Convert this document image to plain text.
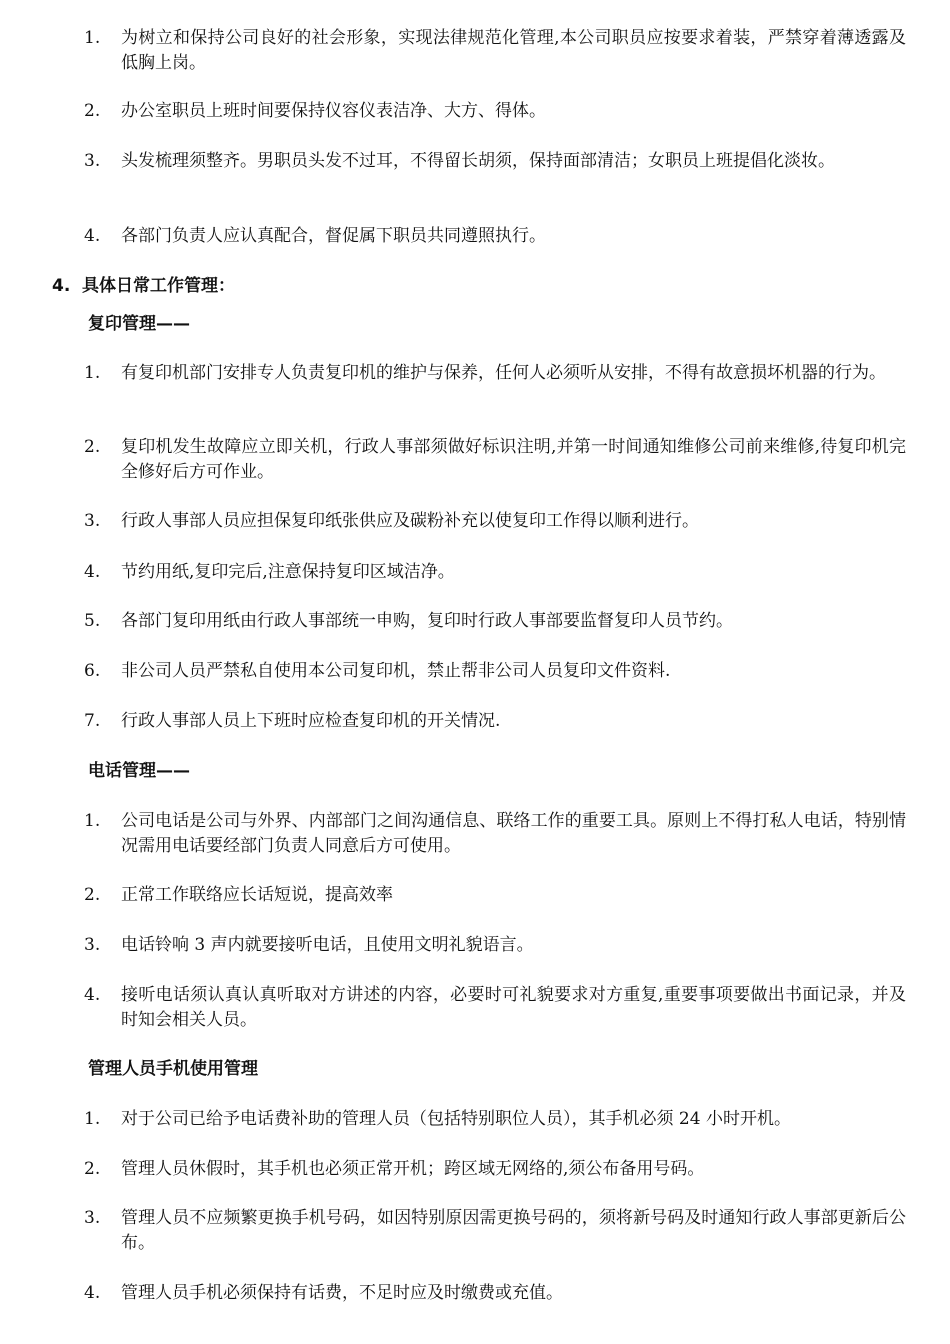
1.	为树立和保持公司良好的社会形象，实现法律规范化管理,本公司职员应按要求着装，严禁穿着薄透露及低胸上岗。
2.	办公室职员上班时间要保持仪容仪表洁净、大方、得体。
3.	头发梳理须整齐。男职员头发不过耳，不得留长胡须，保持面部清洁；女职员上班提倡化淡妆。
4.	各部门负责人应认真配合，督促属下职员共同遵照执行。
4. 具体日常工作管理：
复印管理——
1.	有复印机部门安排专人负责复印机的维护与保养，任何人必须听从安排，不得有故意损坏机器的行为。
2.	复印机发生故障应立即关机，行政人事部须做好标识注明,并第一时间通知维修公司前来维修,待复印机完全修好后方可作业。
3.	行政人事部人员应担保复印纸张供应及碳粉补充以使复印工作得以顺利进行。
4.	节约用纸,复印完后,注意保持复印区域洁净。
5.	各部门复印用纸由行政人事部统一申购，复印时行政人事部要监督复印人员节约。
6.	非公司人员严禁私自使用本公司复印机，禁止帮非公司人员复印文件资料.
7.	行政人事部人员上下班时应检查复印机的开关情况.
电话管理——
1.	公司电话是公司与外界、内部部门之间沟通信息、联络工作的重要工具。原则上不得打私人电话，特别情况需用电话要经部门负责人同意后方可使用。
2.	正常工作联络应长话短说，提高效率
3.	电话铃响 3 声内就要接听电话，且使用文明礼貌语言。
4.	接听电话须认真认真听取对方讲述的内容，必要时可礼貌要求对方重复,重要事项要做出书面记录，并及时知会相关人员。
管理人员手机使用管理
1.	对于公司已给予电话费补助的管理人员（包括特别职位人员），其手机必须 24 小时开机。
2.	管理人员休假时，其手机也必须正常开机；跨区域无网络的,须公布备用号码。
3.	管理人员不应频繁更换手机号码，如因特别原因需更换号码的，须将新号码及时通知行政人事部更新后公布。
4.	管理人员手机必须保持有话费，不足时应及时缴费或充值。
